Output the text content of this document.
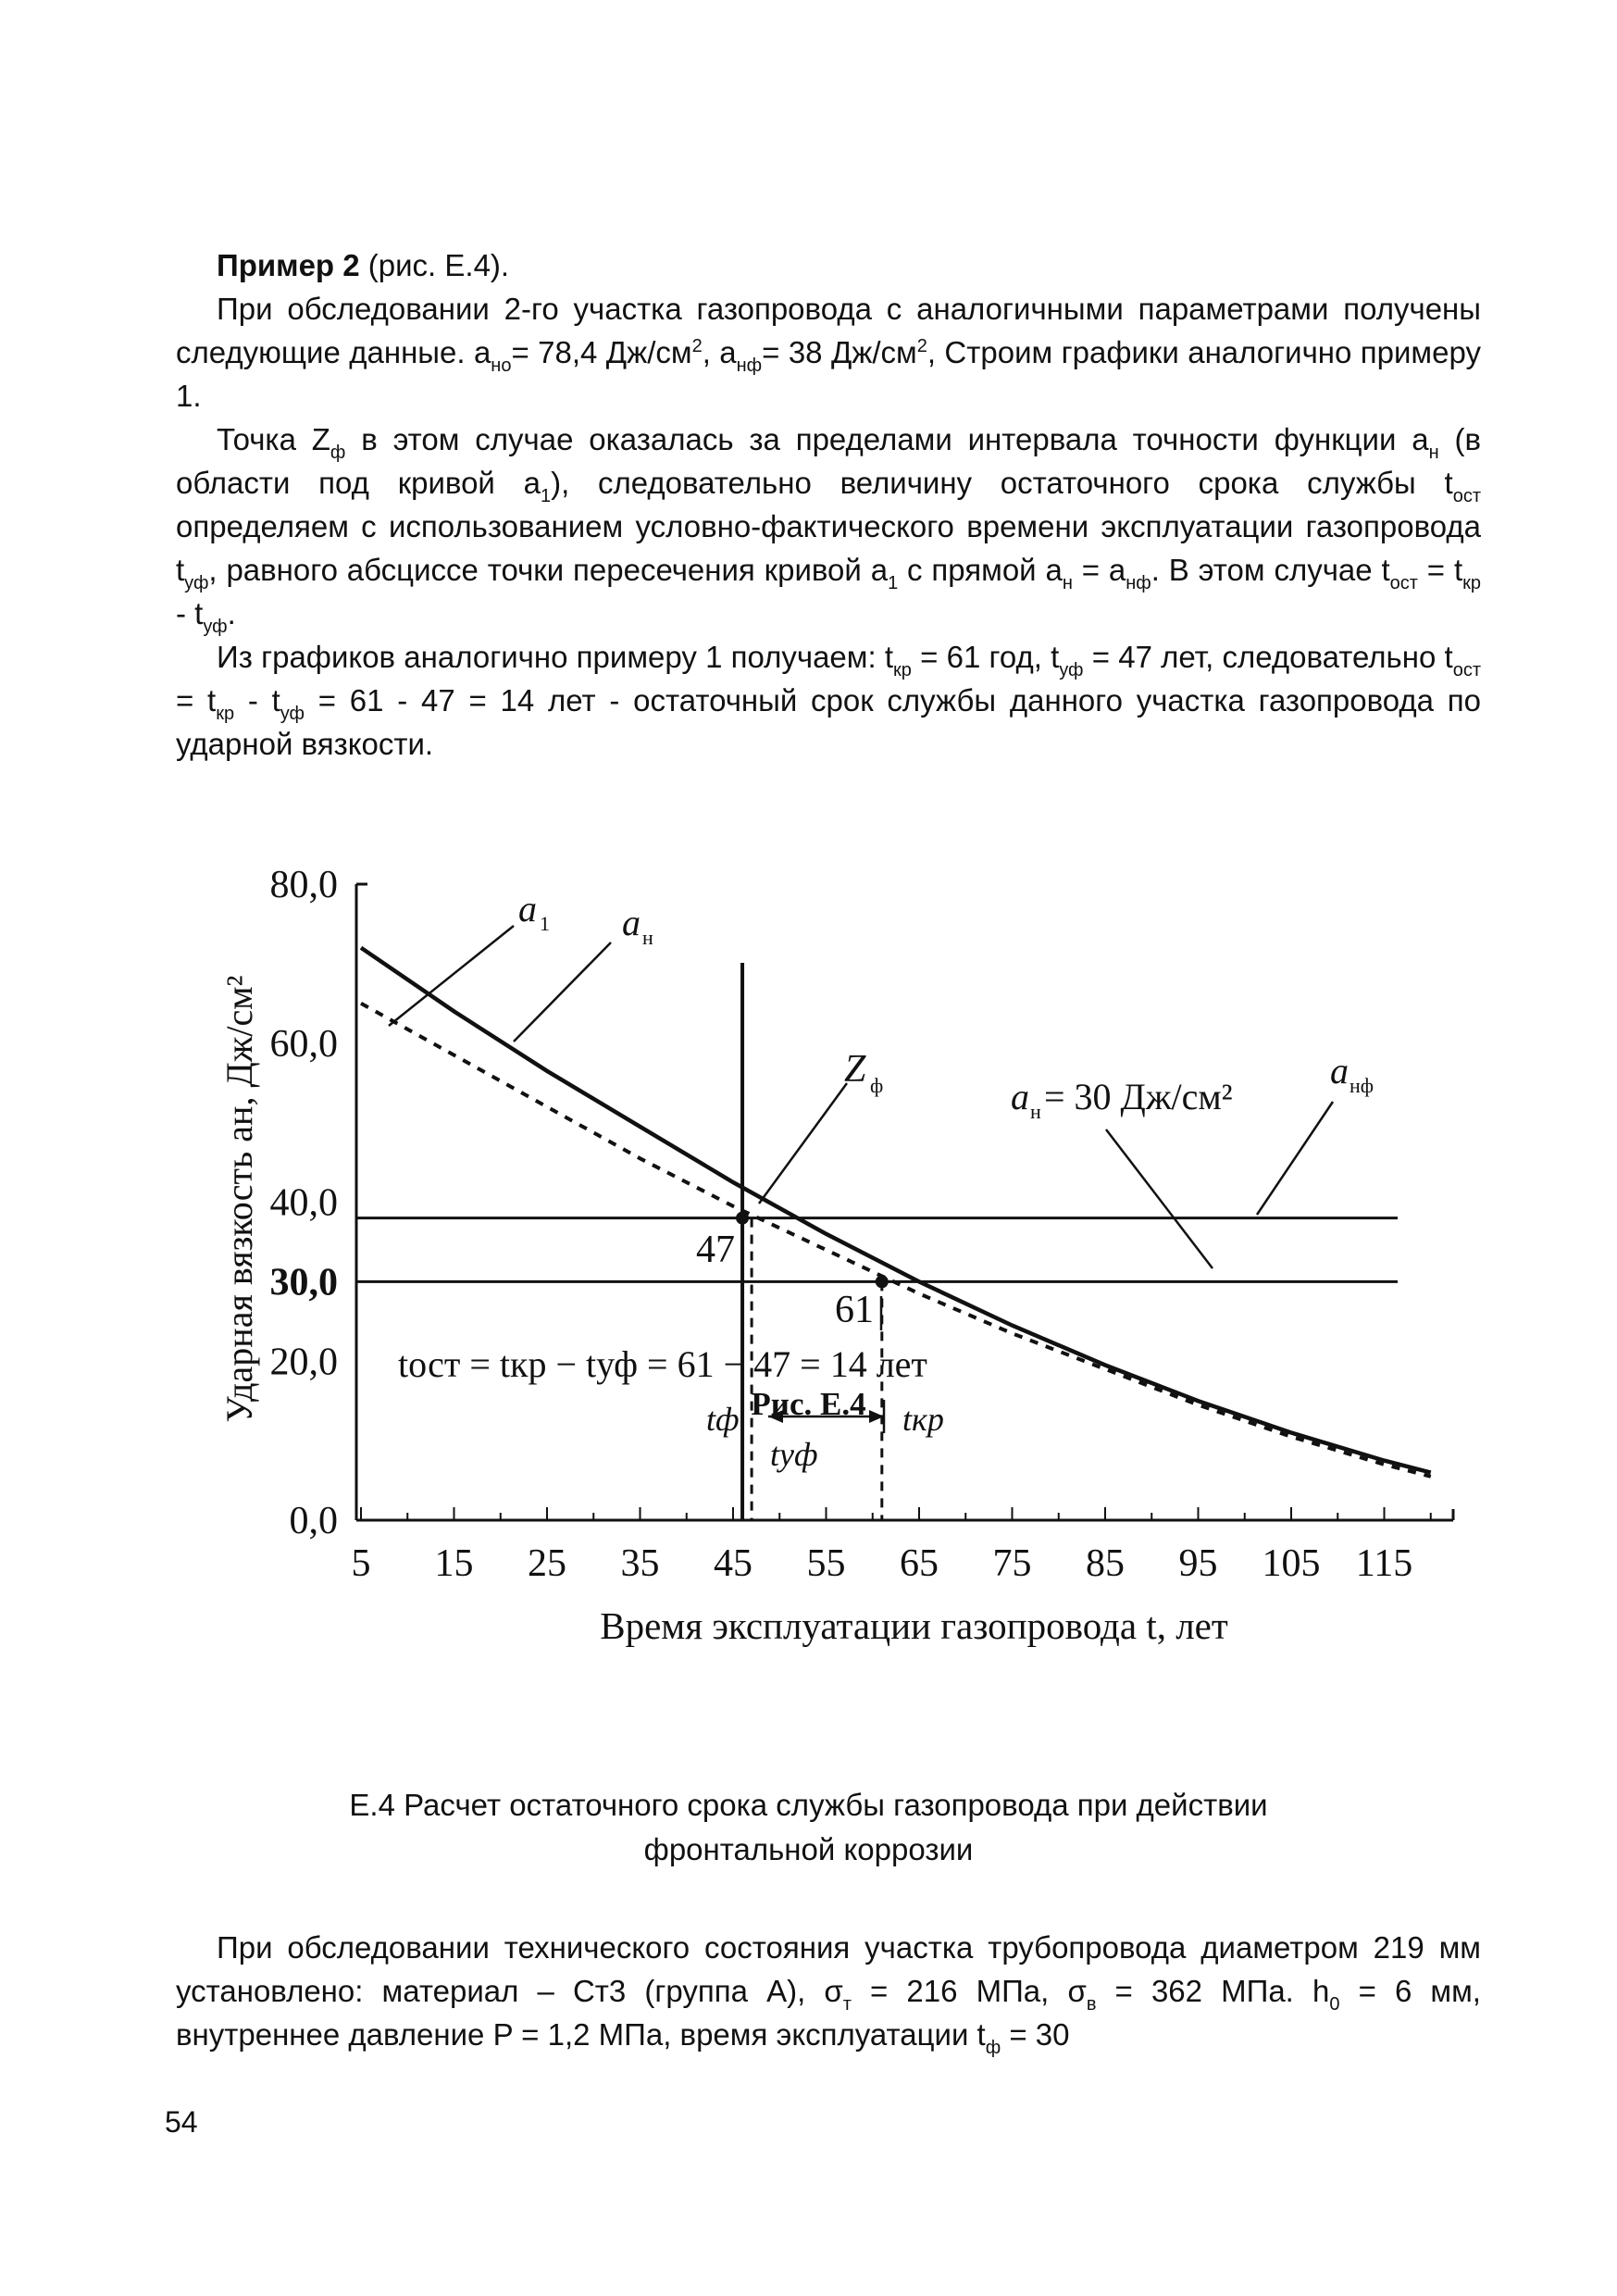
Пример 2 (рис. Е.4).

При обследовании 2-го участка газопровода с аналогичными параметрами получены следующие данные. $a_{но}= 78,4$ $Дж/см^2$, $a_{нф}= 38$ $Дж/см^2$, Строим графики аналогично примеру 1.

Точка $Z_ф$ в этом случае оказалась за пределами интервала точности функции $a_н$ (в области под кривой $a_1$), следовательно величину остаточного срока службы $t_{ост}$ определяем с использованием условно-фактического времени эксплуатации газопровода $t_{уф}$, равного абсциссе точки пересечения кривой $a_1$ с прямой $a_н = a_{нф}$. В этом случае $t_{ост} = t_{кр} - t_{уф}$.

Из графиков аналогично примеру 1 получаем: $t_{кр} = 61$ год, $t_{уф} = 47$ лет, следовательно $t_{ост} = t_{кр} - t_{уф} = 61 - 47 = 14$ лет - остаточный срок службы данного участка газопровода по ударной вязкости.

5 15 25 35 45 55 65 75 85 95 105 115
0,0
20,0
30,0
40,0
60,0
80,0
Время эксплуатации газопровода t, лет
Ударная вязкость aн, Дж/см²
a 1 a н
Z ф	a н = 30 Дж/см²
a нф
47
61
tост = tкр − tуф = 61 − 47 = 14 лет
tф	tкр
tуф
Рис. Е.4
Е.4 Расчет остаточного срока службы газопровода при действии
фронтальной коррозии

При обследовании технического состояния участка трубопровода диаметром 219 мм установлено: материал – Ст3 (группа А), $\sigma_т = 216$ МПа, $\sigma_в = 362$ МПа. $h_0 = 6$ мм, внутреннее давление P = 1,2 МПа, время эксплуатации $t_ф = 30$

54
